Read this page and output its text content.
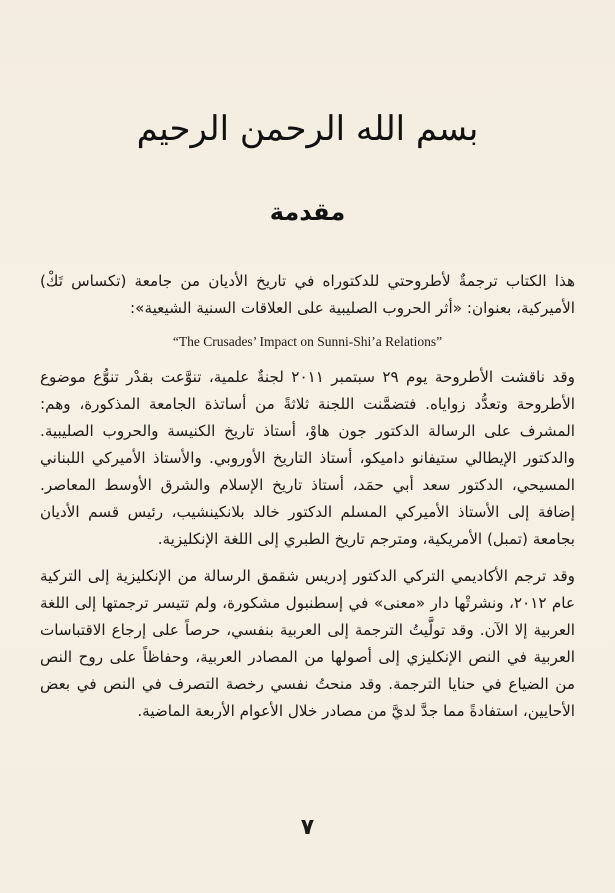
بسم الله الرحمن الرحيم
مقدمة

هذا الكتاب ترجمةٌ لأطروحتي للدكتوراه في تاريخ الأديان من جامعة (تكساس تَكْ) الأميركية، بعنوان: «أثر الحروب الصليبية على العلاقات السنية الشيعية»:

“The Crusades’ Impact on Sunni-Shi’a Relations”

وقد ناقشت الأطروحة يوم ٢٩ سبتمبر ٢٠١١ لجنةٌ علمية، تنوَّعت بقدْر تنوُّع موضوع الأطروحة وتعدُّد زواياه. فتضمَّنت اللجنة ثلاثةً من أساتذة الجامعة المذكورة، وهم: المشرف على الرسالة الدكتور جون هاوْ، أستاذ تاريخ الكنيسة والحروب الصليبية. والدكتور الإيطالي ستيفانو داميكو، أستاذ التاريخ الأوروبي. والأستاذ الأميركي اللبناني المسيحي، الدكتور سعد أبي حمَد، أستاذ تاريخ الإسلام والشرق الأوسط المعاصر. إضافة إلى الأستاذ الأميركي المسلم الدكتور خالد بلانكينشيب، رئيس قسم الأديان بجامعة (تمبل) الأمريكية، ومترجم تاريخ الطبري إلى اللغة الإنكليزية.

وقد ترجم الأكاديمي التركي الدكتور إدريس شقمق الرسالة من الإنكليزية إلى التركية عام ٢٠١٢، ونشرتْها دار «معنى» في إسطنبول مشكورة، ولم تتيسر ترجمتها إلى اللغة العربية إلا الآن. وقد تولَّيتُ الترجمة إلى العربية بنفسي، حرصاً على إرجاع الاقتباسات العربية في النص الإنكليزي إلى أصولها من المصادر العربية، وحفاظاً على روح النص من الضياع في حنايا الترجمة. وقد منحتُ نفسي رخصة التصرف في النص في بعض الأحايين، استفادةً مما جدَّ لديَّ من مصادر خلال الأعوام الأربعة الماضية.

٧
